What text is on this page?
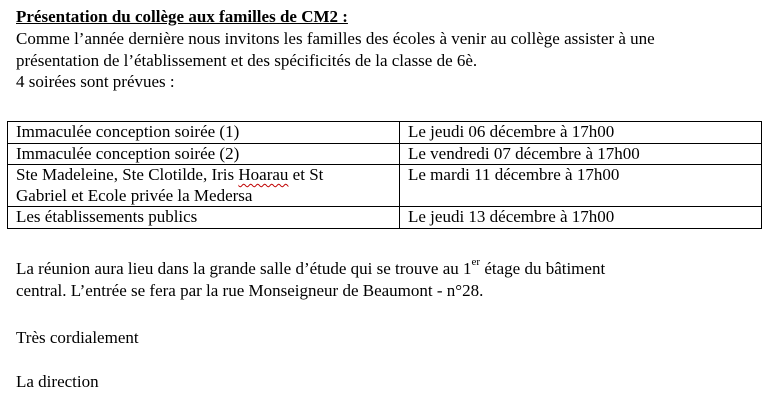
Présentation du collège aux familles de CM2 :

Comme l’année dernière nous invitons les familles des écoles à venir au collège assister à une

présentation de l’établissement et des spécificités de la classe de 6è.

4 soirées sont prévues :

Immaculée conception soirée (1)	Le jeudi 06 décembre à 17h00
Immaculée conception soirée (2)	Le vendredi 07 décembre à 17h00
Ste Madeleine, Ste Clotilde, Iris Hoarau et St
Gabriel et Ecole privée la Medersa	Le mardi 11 décembre à 17h00
Les établissements publics	Le jeudi 13 décembre à 17h00
La réunion aura lieu dans la grande salle d’étude qui se trouve au 1er étage du bâtiment
central. L’entrée se fera par la rue Monseigneur de Beaumont - n°28.

Très cordialement

La direction
